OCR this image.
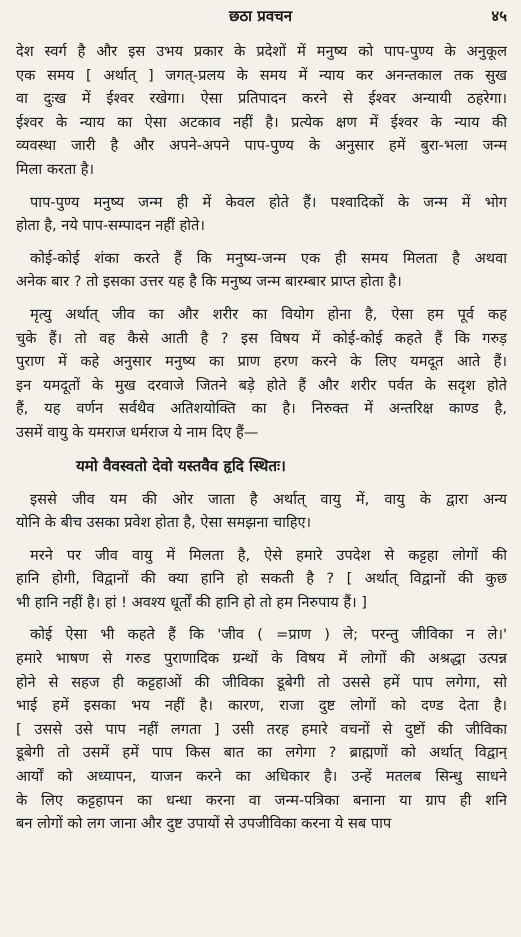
छठा प्रवचन	४५
देश स्वर्ग है और इस उभय प्रकार के प्रदेशों में मनुष्य को पाप-पुण्य के अनुकूल
एक समय [ अर्थात् ] जगत्-प्रलय के समय में न्याय कर अनन्तकाल तक सुख
वा दुःख में ईश्वर रखेगा। ऐसा प्रतिपादन करने से ईश्वर अन्यायी ठहरेगा।
ईश्वर के न्याय का ऐसा अटकाव नहीं है। प्रत्येक क्षण में ईश्वर के न्याय की
व्यवस्था जारी है और अपने-अपने पाप-पुण्य के अनुसार हमें बुरा-भला जन्म
मिला करता है।
पाप-पुण्य मनुष्य जन्म ही में केवल होते हैं। पश्वादिकों के जन्म में भोग
होता है, नये पाप-सम्पादन नहीं होते।
कोई-कोई शंका करते हैं कि मनुष्य-जन्म एक ही समय मिलता है अथवा
अनेक बार ? तो इसका उत्तर यह है कि मनुष्य जन्म बारम्बार प्राप्त होता है।
मृत्यु अर्थात् जीव का और शरीर का वियोग होना है, ऐसा हम पूर्व कह
चुके हैं। तो वह कैसे आती है ? इस विषय में कोई-कोई कहते हैं कि गरुड़
पुराण में कहे अनुसार मनुष्य का प्राण हरण करने के लिए यमदूत आते हैं।
इन यमदूतों के मुख दरवाजे जितने बड़े होते हैं और शरीर पर्वत के सदृश होते
हैं, यह वर्णन सर्वथैव अतिशयोक्ति का है। निरुक्त में अन्तरिक्ष काण्ड है,
उसमें वायु के यमराज धर्मराज ये नाम दिए हैं—
यमो वैवस्वतो देवो यस्तवैव हृदि स्थितः।
इससे जीव यम की ओर जाता है अर्थात् वायु में, वायु के द्वारा अन्य
योनि के बीच उसका प्रवेश होता है, ऐसा समझना चाहिए।
मरने पर जीव वायु में मिलता है, ऐसे हमारे उपदेश से कट्टहा लोगों की
हानि होगी, विद्वानों की क्या हानि हो सकती है ? [ अर्थात् विद्वानों की कुछ
भी हानि नहीं है। हां ! अवश्य धूर्तों की हानि हो तो हम निरुपाय हैं। ]
कोई ऐसा भी कहते हैं कि 'जीव ( =प्राण ) ले; परन्तु जीविका न ले।'
हमारे भाषण से गरुड पुराणादिक ग्रन्थों के विषय में लोगों की अश्रद्धा उत्पन्न
होने से सहज ही कट्टहाओं की जीविका डूबेगी तो उससे हमें पाप लगेगा, सो
भाई हमें इसका भय नहीं है। कारण, राजा दुष्ट लोगों को दण्ड देता है।
[ उससे उसे पाप नहीं लगता ] उसी तरह हमारे वचनों से दुष्टों की जीविका
डूबेगी तो उसमें हमें पाप किस बात का लगेगा ? ब्राह्मणों को अर्थात् विद्वान्
आर्यों को अध्यापन, याजन करने का अधिकार है। उन्हें मतलब सिन्धु साधने
के लिए कट्टहापन का धन्धा करना वा जन्म-पत्रिका बनाना या ग्राप ही शनि
बन लोगों को लग जाना और दुष्ट उपायों से उपजीविका करना ये सब पाप
